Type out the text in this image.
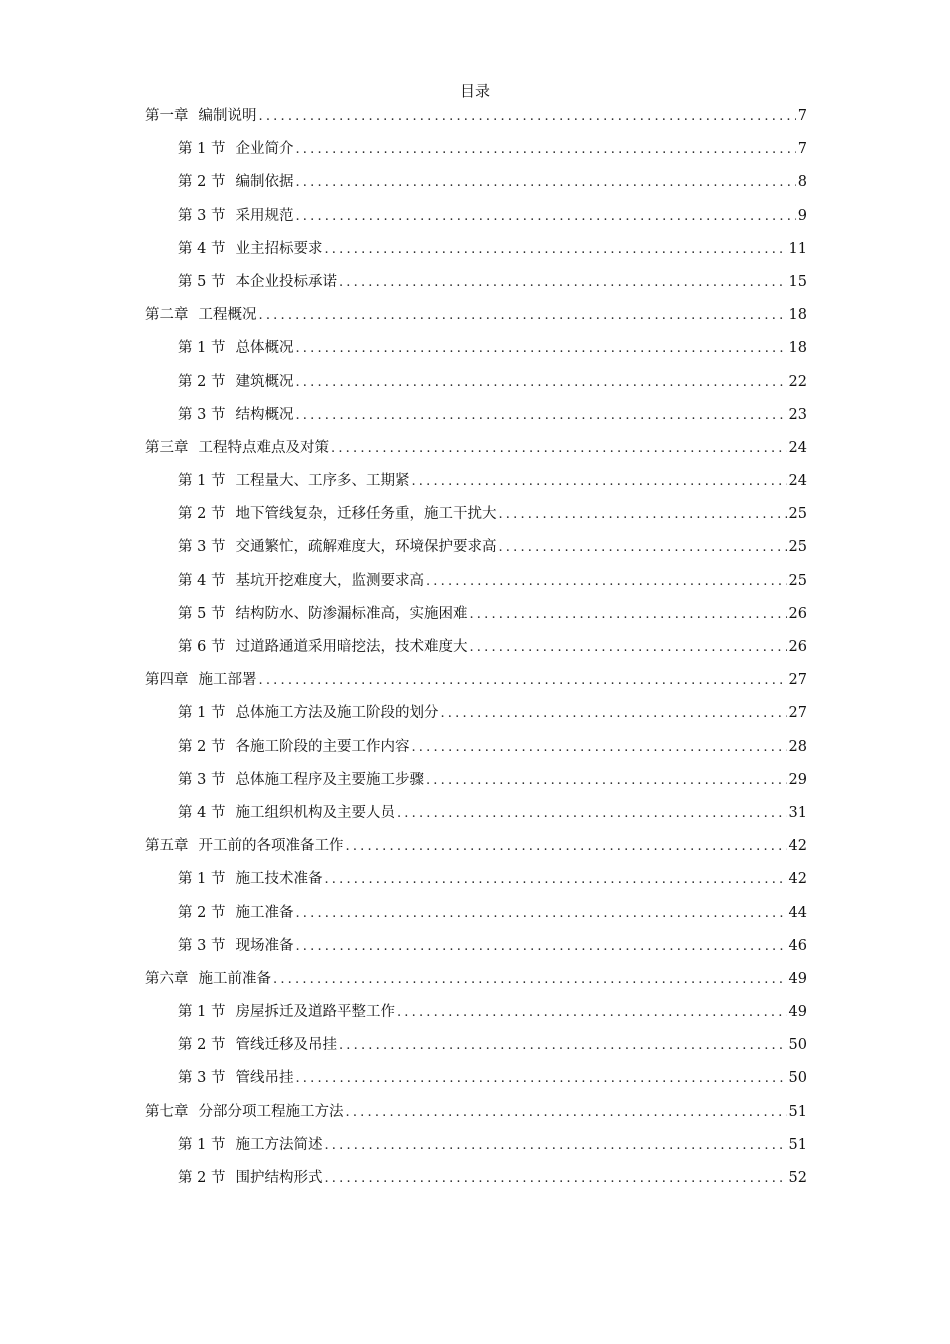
目录
第一章 编制说明 .....	7
第 1 节 企业简介 .....	7
第 2 节 编制依据 .....	8
第 3 节 采用规范 .....	9
第 4 节 业主招标要求 .....	11
第 5 节 本企业投标承诺 .....	15
第二章 工程概况 .....	18
第 1 节 总体概况 .....	18
第 2 节 建筑概况 .....	22
第 3 节 结构概况 .....	23
第三章 工程特点难点及对策 .....	24
第 1 节 工程量大、工序多、工期紧 .....	24
第 2 节 地下管线复杂，迁移任务重，施工干扰大 .....	25
第 3 节 交通繁忙，疏解难度大，环境保护要求高 .....	25
第 4 节 基坑开挖难度大，监测要求高 .....	25
第 5 节 结构防水、防渗漏标准高，实施困难 .....	26
第 6 节 过道路通道采用暗挖法，技术难度大 .....	26
第四章 施工部署 .....	27
第 1 节 总体施工方法及施工阶段的划分 .....	27
第 2 节 各施工阶段的主要工作内容 .....	28
第 3 节 总体施工程序及主要施工步骤 .....	29
第 4 节 施工组织机构及主要人员 .....	31
第五章 开工前的各项准备工作 .....	42
第 1 节 施工技术准备 .....	42
第 2 节 施工准备 .....	44
第 3 节 现场准备 .....	46
第六章 施工前准备 .....	49
第 1 节 房屋拆迁及道路平整工作 .....	49
第 2 节 管线迁移及吊挂 .....	50
第 3 节 管线吊挂 .....	50
第七章 分部分项工程施工方法 .....	51
第 1 节 施工方法简述 .....	51
第 2 节 围护结构形式 .....	52
